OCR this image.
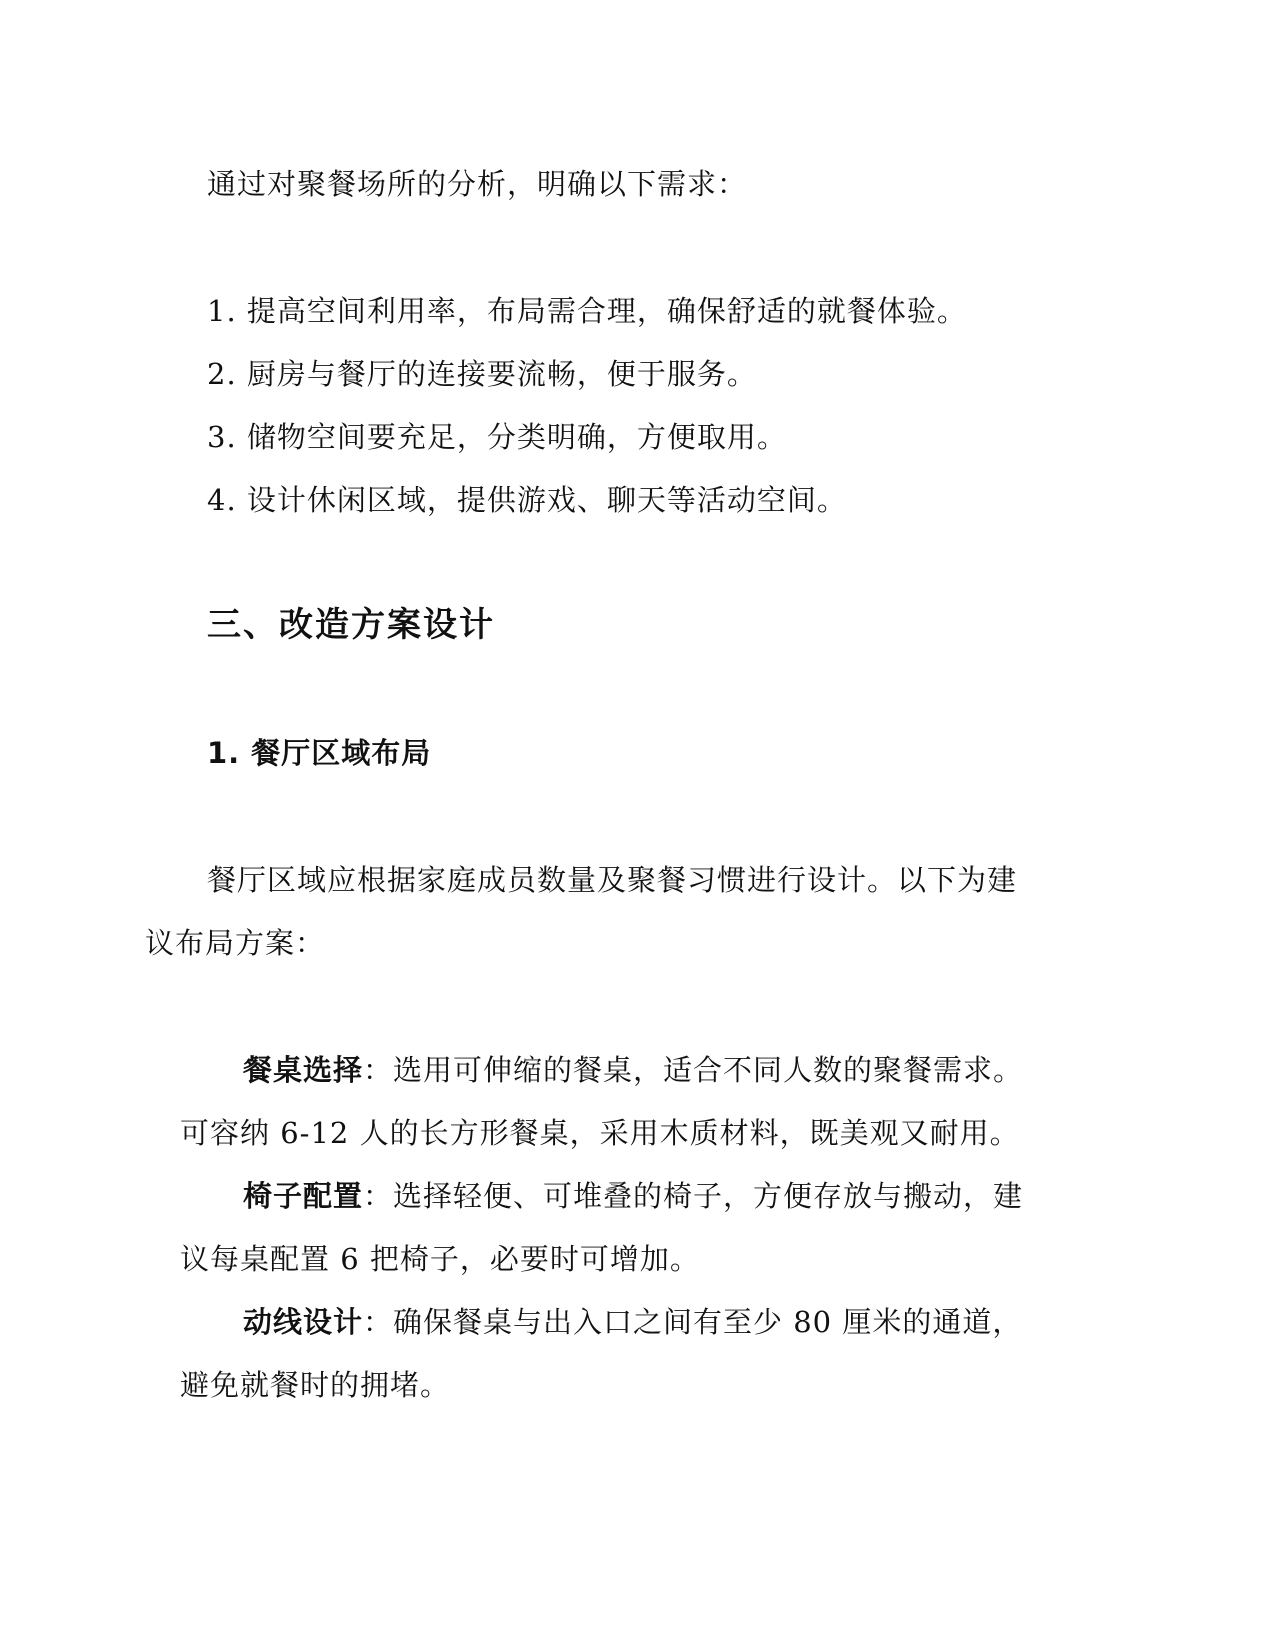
通过对聚餐场所的分析，明确以下需求：
1. 提高空间利用率，布局需合理，确保舒适的就餐体验。
2. 厨房与餐厅的连接要流畅，便于服务。
3. 储物空间要充足，分类明确，方便取用。
4. 设计休闲区域，提供游戏、聊天等活动空间。
三、改造方案设计
1. 餐厅区域布局
餐厅区域应根据家庭成员数量及聚餐习惯进行设计。以下为建
议布局方案：
餐桌选择：选用可伸缩的餐桌，适合不同人数的聚餐需求。
可容纳 6-12 人的长方形餐桌，采用木质材料，既美观又耐用。
椅子配置：选择轻便、可堆叠的椅子，方便存放与搬动，建
议每桌配置 6 把椅子，必要时可增加。
动线设计：确保餐桌与出入口之间有至少 80 厘米的通道，
避免就餐时的拥堵。
